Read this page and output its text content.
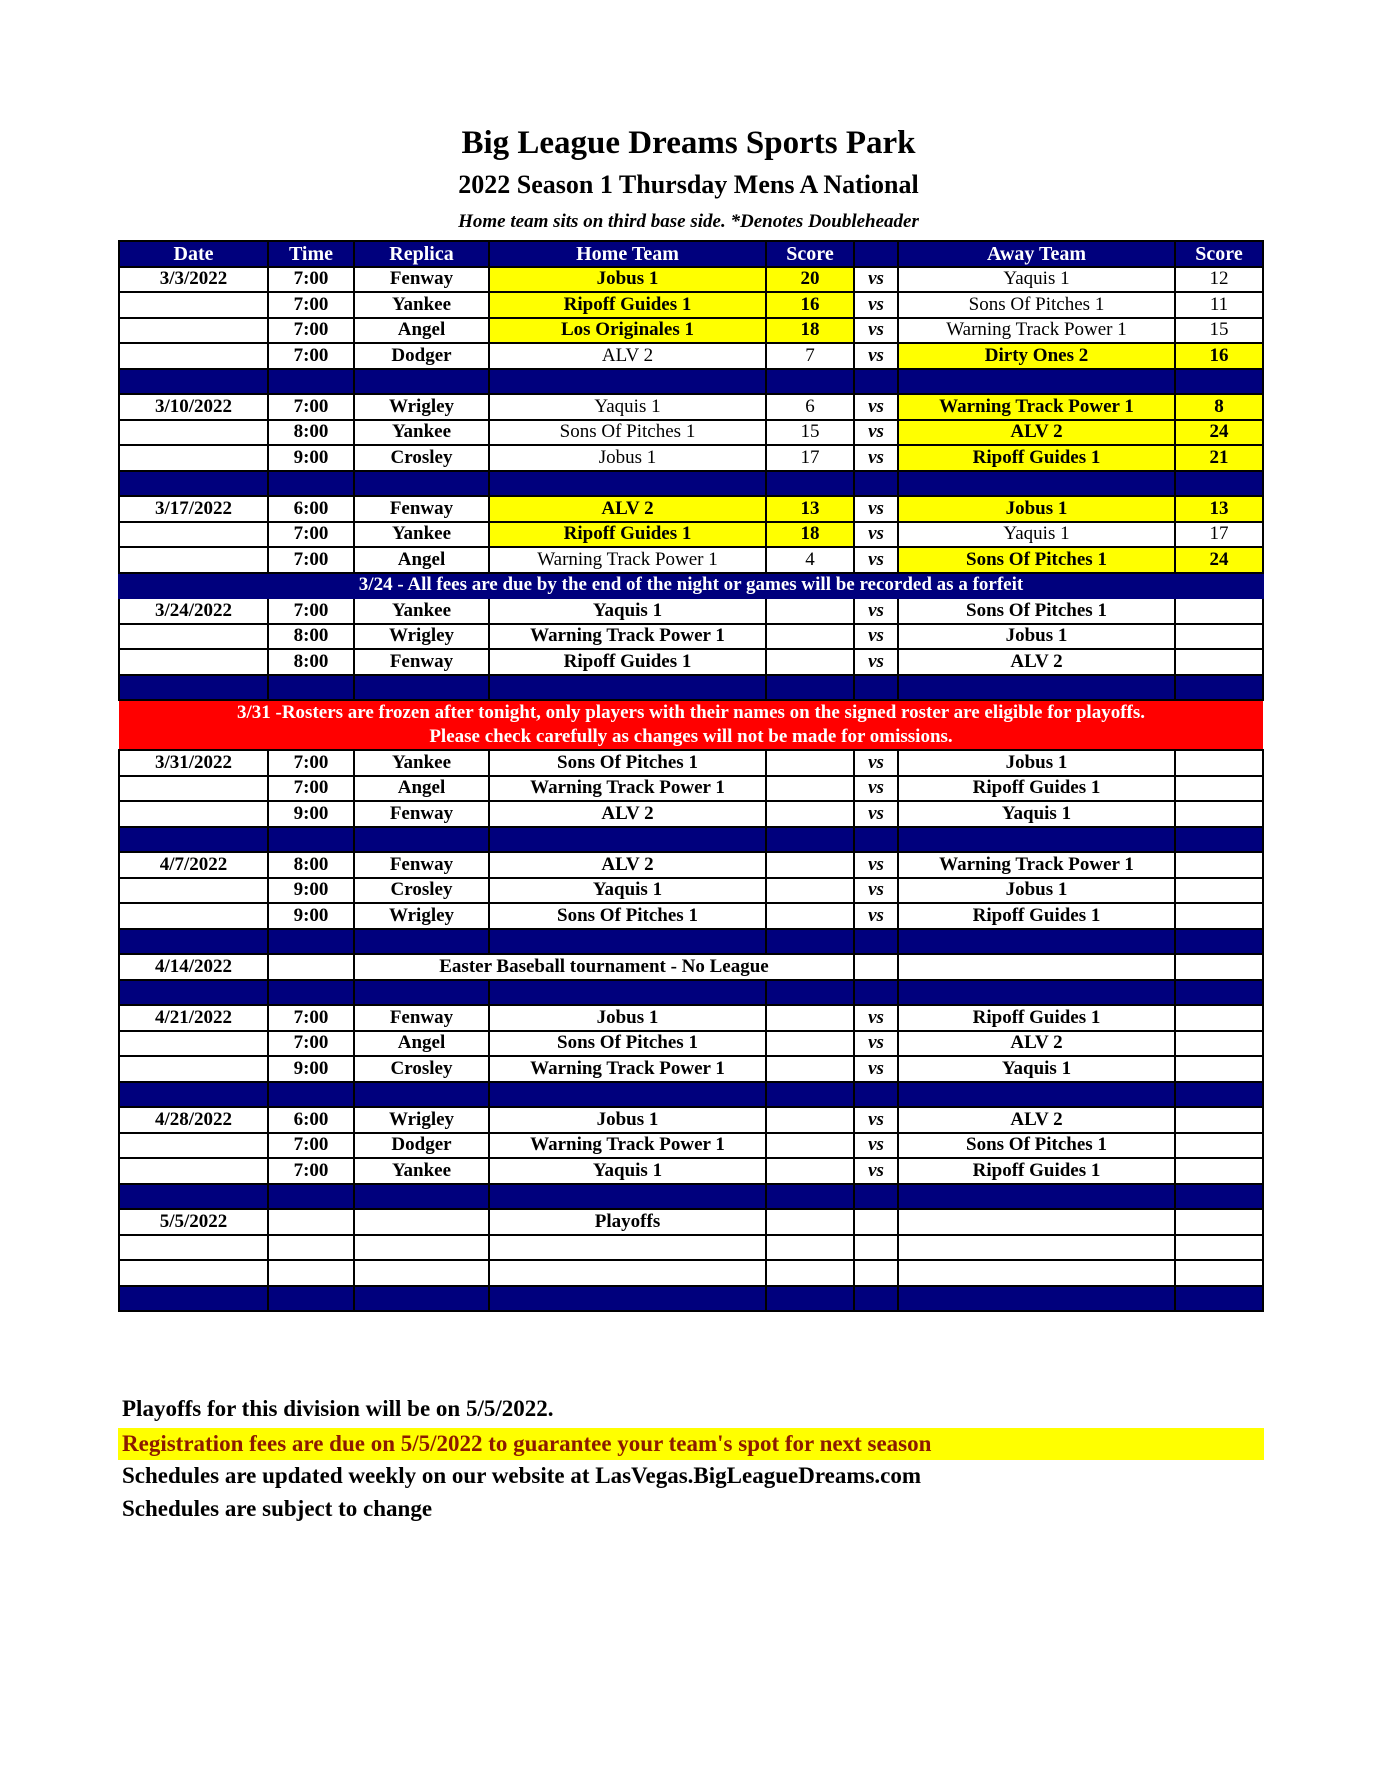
Big League Dreams Sports Park
2022 Season 1 Thursday Mens A National
Home team sits on third base side. *Denotes Doubleheader
Date	Time	Replica	Home Team	Score		Away Team	Score
3/3/2022	7:00	Fenway	Jobus 1	20	vs	Yaquis 1	12
	7:00	Yankee	Ripoff Guides 1	16	vs	Sons Of Pitches 1	11
	7:00	Angel	Los Originales 1	18	vs	Warning Track Power 1	15
	7:00	Dodger	ALV 2	7	vs	Dirty Ones 2	16

3/10/2022	7:00	Wrigley	Yaquis 1	6	vs	Warning Track Power 1	8
	8:00	Yankee	Sons Of Pitches 1	15	vs	ALV 2	24
	9:00	Crosley	Jobus 1	17	vs	Ripoff Guides 1	21

3/17/2022	6:00	Fenway	ALV 2	13	vs	Jobus 1	13
	7:00	Yankee	Ripoff Guides 1	18	vs	Yaquis 1	17
	7:00	Angel	Warning Track Power 1	4	vs	Sons Of Pitches 1	24
3/24 - All fees are due by the end of the night or games will be recorded as a forfeit							
3/24/2022	7:00	Yankee	Yaquis 1		vs	Sons Of Pitches 1	
	8:00	Wrigley	Warning Track Power 1		vs	Jobus 1	
	8:00	Fenway	Ripoff Guides 1		vs	ALV 2	

3/31 -Rosters are frozen after tonight, only players with their names on the signed roster are eligible for playoffs.							
Please check carefully as changes will not be made for omissions.							
3/31/2022	7:00	Yankee	Sons Of Pitches 1		vs	Jobus 1	
	7:00	Angel	Warning Track Power 1		vs	Ripoff Guides 1	
	9:00	Fenway	ALV 2		vs	Yaquis 1	

4/7/2022	8:00	Fenway	ALV 2		vs	Warning Track Power 1	
	9:00	Crosley	Yaquis 1		vs	Jobus 1	
	9:00	Wrigley	Sons Of Pitches 1		vs	Ripoff Guides 1	

4/14/2022		Easter Baseball tournament - No League					

4/21/2022	7:00	Fenway	Jobus 1		vs	Ripoff Guides 1	
	7:00	Angel	Sons Of Pitches 1		vs	ALV 2	
	9:00	Crosley	Warning Track Power 1		vs	Yaquis 1	

4/28/2022	6:00	Wrigley	Jobus 1		vs	ALV 2	
	7:00	Dodger	Warning Track Power 1		vs	Sons Of Pitches 1	
	7:00	Yankee	Yaquis 1		vs	Ripoff Guides 1	

5/5/2022			Playoffs				

Playoffs for this division will be on 5/5/2022.
Registration fees are due on 5/5/2022 to guarantee your team's spot for next season
Schedules are updated weekly on our website at LasVegas.BigLeagueDreams.com
Schedules are subject to change
